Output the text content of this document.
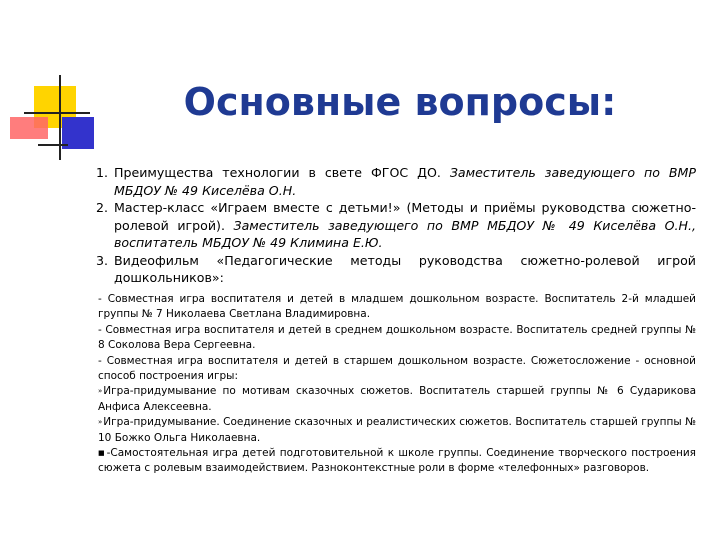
Основные вопросы:
1. Преимущества технологии в свете ФГОС ДО. Заместитель заведующего по ВМР МБДОУ № 49 Киселёва О.Н.
2. Мастер-класс «Играем вместе с детьми!» (Методы и приёмы руководства сюжетно-ролевой игрой). Заместитель заведующего по ВМР МБДОУ № 49 Киселёва О.Н., воспитатель МБДОУ № 49 Климина Е.Ю.
3. Видеофильм «Педагогические методы руководства сюжетно-ролевой игрой дошкольников»:

- Совместная игра воспитателя и детей в младшем дошкольном возрасте. Воспитатель 2-й младшей группы № 7 Николаева Светлана Владимировна.

- Совместная игра воспитателя и детей в среднем дошкольном возрасте. Воспитатель средней группы № 8 Соколова Вера Сергеевна.

- Совместная игра воспитателя и детей в старшем дошкольном возрасте. Сюжетосложение - основной способ построения игры:

»Игра-придумывание по мотивам сказочных сюжетов. Воспитатель старшей группы № 6 Сударикова Анфиса Алексеевна.

»Игра-придумывание. Соединение сказочных и реалистических сюжетов. Воспитатель старшей группы № 10 Божко Ольга Николаевна.

■-Самостоятельная игра детей подготовительной к школе группы. Соединение творческого построения сюжета с ролевым взаимодействием. Разноконтекстные роли в форме «телефонных» разговоров.
